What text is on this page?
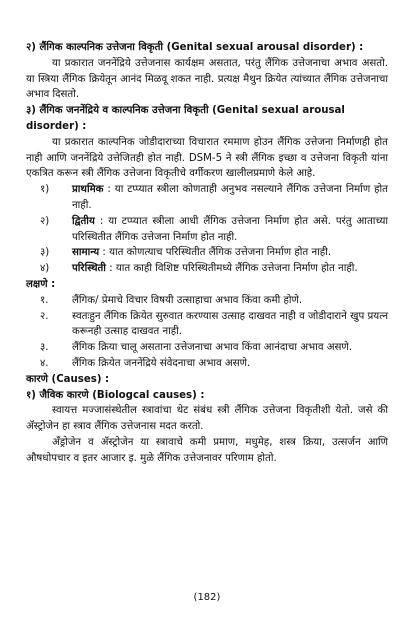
२) लैंगिक काल्पनिक उत्तेजना विकृती (Genital sexual arousal disorder) :

या प्रकारात जननेंद्रिये उत्तेजनास कार्यक्षम असतात, परंतु लैंगिक उत्तेजनाचा अभाव असतो. या स्त्रिया लैंगिक क्रियेतून आनंद मिळवू शकत नाही. प्रत्यक्ष मैथुन क्रियेत त्यांच्यात लैंगिक उत्तेजनाचा अभाव दिसतो.

३) लैंगिक जननेंद्रिये व काल्पनिक उत्तेजना विकृती (Genital sexual arousal disorder) :

या प्रकारात काल्पनिक जोडीदाराच्या विचारात रममाण होउन लैंगिक उत्तेजना निर्माणही होत नाही आणि जननेंद्रिये उत्तेजितही होत नाही. DSM-5 ने स्त्री लैंगिक इच्छा व उत्तेजना विकृती यांना एकत्रित करून स्त्री लैंगिक उत्तेजना विकृतीचे वर्गीकरण खालीलप्रमाणे केले आहे.

१)	प्राथमिक : या टप्प्यात स्त्रीला कोणताही अनुभव नसल्याने लैंगिक उत्तेजना निर्माण होत नाही.
२)	द्वितीय : या टप्प्यात स्त्रीला आधी लैंगिक उत्तेजना निर्माण होत असे. परंतु आताच्या परिस्थितीत लैंगिक उत्तेजना निर्माण होत नाही.
३)	सामान्य : यात कोणत्याच परिस्थितीत लैंगिक उत्तेजना निर्माण होत नाही.
४)	परिस्थिती : यात काही विशिष्ट परिस्थितीमध्ये लैंगिक उत्तेजना निर्माण होत नाही.

लक्षणे :

१.	लैंगिक/ प्रेमाचे विचार विषयी उत्साहाचा अभाव किंवा कमी होणे.
२.	स्वतःहुन लैंगिक क्रियेत सुरुवात करण्यास उत्साह दाखवत नाही व जोडीदाराने खुप प्रयत्न करूनही उत्साह दाखवत नाही.
३.	लैंगिक क्रिया चालू असताना उत्तेजनाचा अभाव किंवा आनंदाचा अभाव असणे.
४.	लैंगिक क्रियेत जननेंद्रिये संवेदनाचा अभाव असणे.

कारणे (Causes) :

१) जैविक कारणे (Biologcal causes) :

स्वायत्त मज्जासंस्थेतील स्त्रावांचा थेट संबंध स्त्री लैंगिक उत्तेजना विकृतीशी येतो. जसे की ॲस्ट्रोजेन हा स्त्राव लैंगिक उत्तेजनास मदत करतो.

ॲंड्रोजेन व ॲस्ट्रोजेन या स्त्रावाचे कमी प्रमाण, मधुमेह, शस्त्र क्रिया, उत्सर्जन आणि औषधोपचार व इतर आजार इ. मुळे लैंगिक उत्तेजनावर परिणाम होतो.

(182)
